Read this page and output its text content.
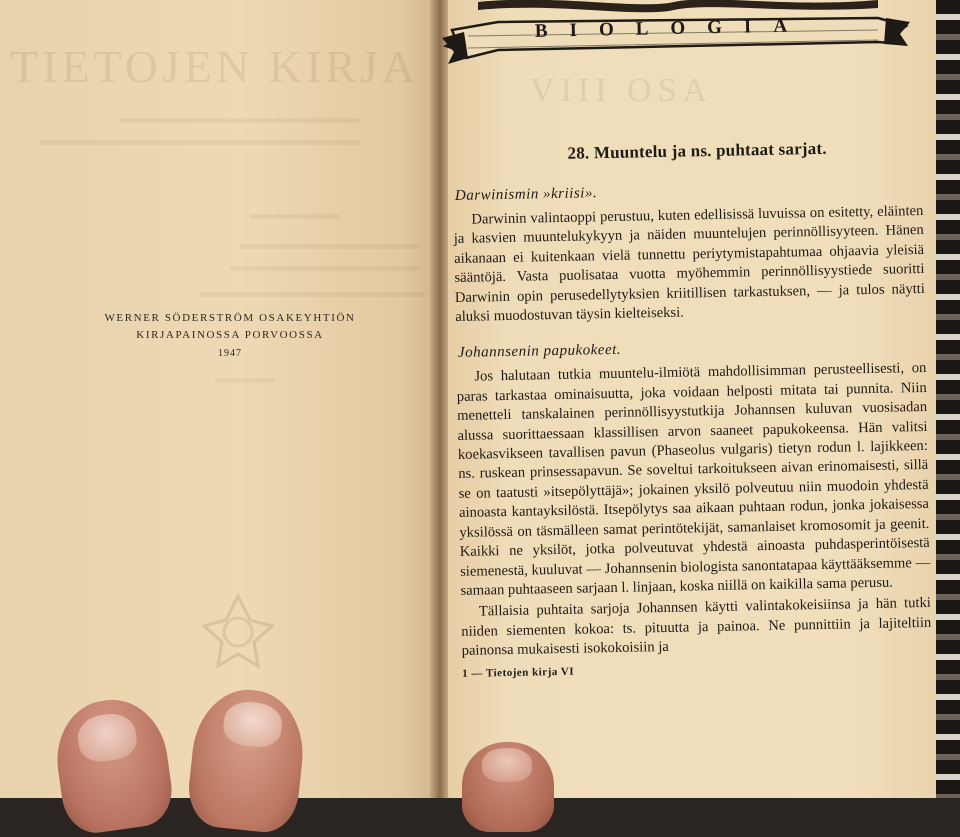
TIETOJEN KIRJA
WERNER SÖDERSTRÖM OSAKEYHTIÖN
KIRJAPAINOSSA PORVOOSSA
1947
BIOLOGIA
VIII OSA
28. Muuntelu ja ns. puhtaat sarjat.
Darwinismin »kriisi».

Darwinin valintaoppi perustuu, kuten edellisissä luvuissa on esitetty, eläinten ja kasvien muuntelukykyyn ja näiden muuntelujen perinnöllisyyteen. Hänen aikanaan ei kuitenkaan vielä tunnettu periytymistapahtumaa ohjaavia yleisiä sääntöjä. Vasta puolisataa vuotta myöhemmin perinnöllisyystiede suoritti Darwinin opin perusedellytyksien kriitillisen tarkastuksen, — ja tulos näytti aluksi muodostuvan täysin kielteiseksi.

Johannsenin papukokeet.

Jos halutaan tutkia muuntelu-ilmiötä mahdollisimman perusteellisesti, on paras tarkastaa ominaisuutta, joka voidaan helposti mitata tai punnita. Niin menetteli tanskalainen perinnöllisyystutkija Johannsen kuluvan vuosisadan alussa suorittaessaan klassillisen arvon saaneet papukokeensa. Hän valitsi koekasvikseen tavallisen pavun (Phaseolus vulgaris) tietyn rodun l. lajikkeen: ns. ruskean prinsessapavun. Se soveltui tarkoitukseen aivan erinomaisesti, sillä se on taatusti »itsepölyttäjä»; jokainen yksilö polveutuu niin muodoin yhdestä ainoasta kantayksilöstä. Itsepölytys saa aikaan puhtaan rodun, jonka jokaisessa yksilössä on täsmälleen samat perintötekijät, samanlaiset kromosomit ja geenit. Kaikki ne yksilöt, jotka polveutuvat yhdestä ainoasta puhdasperintöisestä siemenestä, kuuluvat — Johannsenin biologista sanontatapaa käyttääksemme — samaan puhtaaseen sarjaan l. linjaan, koska niillä on kaikilla sama perusu.

Tällaisia puhtaita sarjoja Johannsen käytti valintakokeisiinsa ja hän tutki niiden siementen kokoa: ts. pituutta ja painoa. Ne punnittiin ja lajiteltiin painonsa mukaisesti isokokoisiin ja

1 — Tietojen kirja VI
